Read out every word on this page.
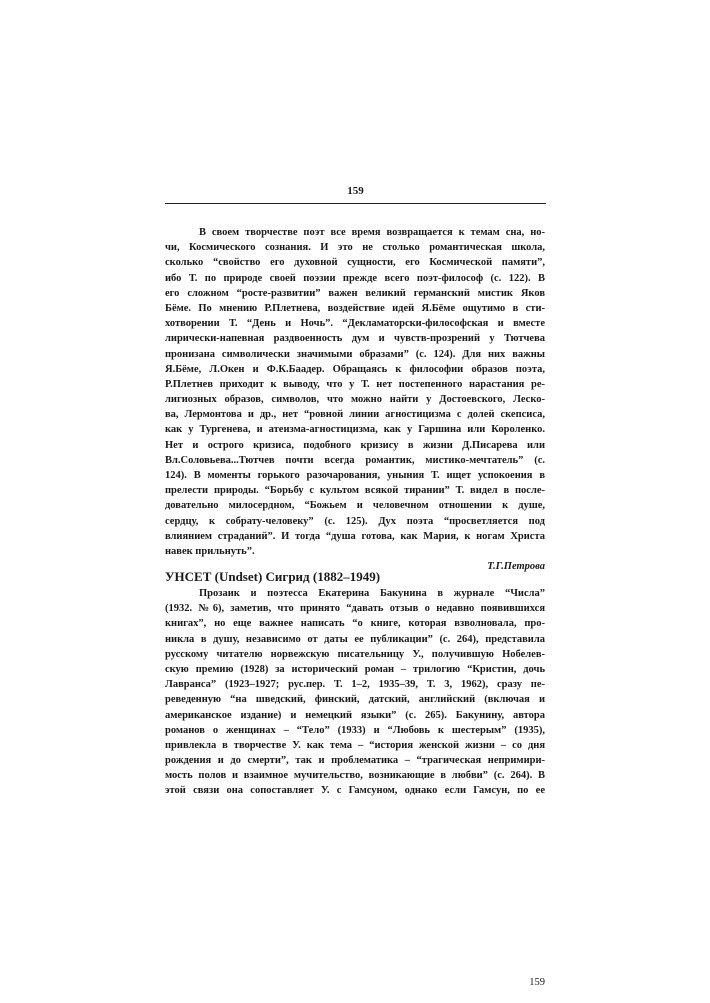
159
В своем творчестве поэт все время возвращается к темам сна, но-
чи, Космического сознания. И это не столько романтическая школа,
сколько “свойство его духовной сущности, его Космической памяти”,
ибо Т. по природе своей поэзии прежде всего поэт-философ (с. 122). В
его сложном “росте-развитии” важен великий германский мистик Яков
Бёме. По мнению Р.Плетнева, воздействие идей Я.Бёме ощутимо в сти-
хотворении Т. “День и Ночь”. “Декламаторски-философская и вместе
лирически-напевная раздвоенность дум и чувств-прозрений у Тютчева
пронизана символически значимыми образами” (с. 124). Для них важны
Я.Бёме, Л.Окен и Ф.К.Баадер. Обращаясь к философии образов поэта,
Р.Плетнев приходит к выводу, что у Т. нет постепенного нарастания ре-
лигиозных образов, символов, что можно найти у Достоевского, Леско-
ва, Лермонтова и др., нет “ровной линии агностицизма с долей скепсиса,
как у Тургенева, и атеизма-агностицизма, как у Гаршина или Короленко.
Нет и острого кризиса, подобного кризису в жизни Д.Писарева или
Вл.Соловьева...Тютчев почти всегда романтик, мистико-мечтатель” (с.
124). В моменты горького разочарования, уныния Т. ищет успокоения в
прелести природы. “Борьбу с культом всякой тирании” Т. видел в после-
довательно милосердном, “Божьем и человечном отношении к душе,
сердцу, к собрату-человеку” (с. 125). Дух поэта “просветляется под
влиянием страданий”. И тогда “душа готова, как Мария, к ногам Христа
навек прильнуть”.
Т.Г.Петрова
УНСЕТ (Undset) Сигрид (1882–1949)
Прозаик и поэтесса Екатерина Бакунина в журнале “Числа”
(1932. №6), заметив, что принято “давать отзыв о недавно появившихся
книгах”, но еще важнее написать “о книге, которая взволновала, про-
никла в душу, независимо от даты ее публикации” (с. 264), представила
русскому читателю норвежскую писательницу У., получившую Нобелев-
скую премию (1928) за исторический роман – трилогию “Кристин, дочь
Лавранса” (1923–1927; рус.пер. Т. 1–2, 1935–39, Т. 3, 1962), сразу пе-
реведенную “на шведский, финский, датский, английский (включая и
американское издание) и немецкий языки” (с. 265). Бакунину, автора
романов о женщинах – “Тело” (1933) и “Любовь к шестерым” (1935),
привлекла в творчестве У. как тема – “история женской жизни – со дня
рождения и до смерти”, так и проблематика – “трагическая непримири-
мость полов и взаимное мучительство, возникающие в любви” (с. 264). В
этой связи она сопоставляет У. с Гамсуном, однако если Гамсун, по ее
159
